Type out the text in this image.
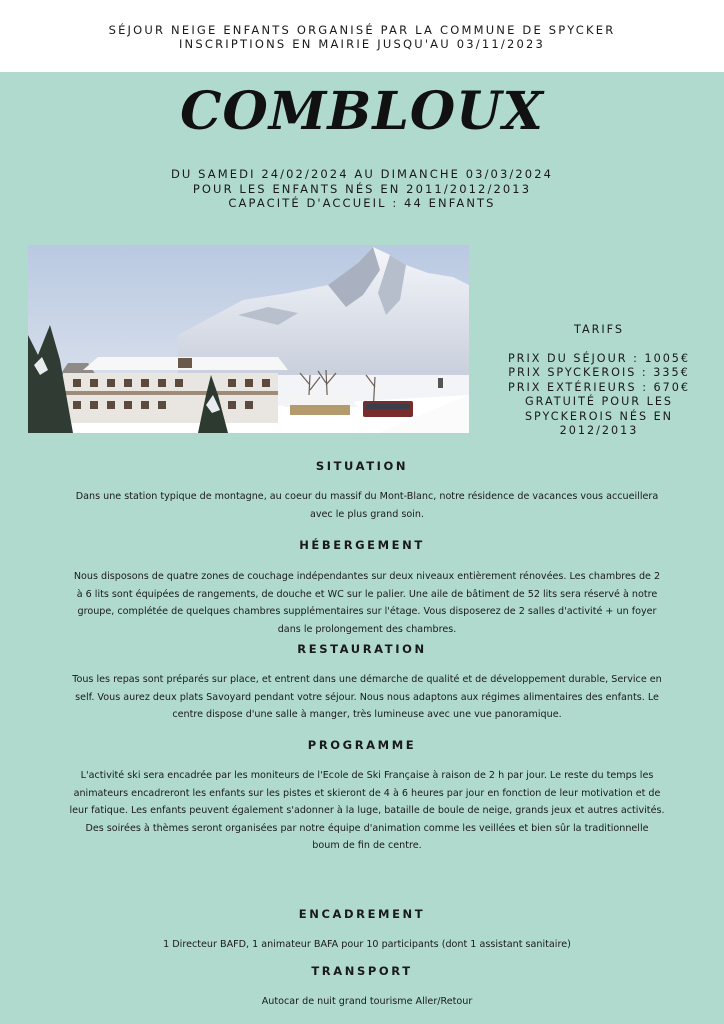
SÉJOUR NEIGE ENFANTS ORGANISÉ PAR LA COMMUNE DE SPYCKER
INSCRIPTIONS EN MAIRIE JUSQU'AU 03/11/2023
COMBLOUX
DU SAMEDI 24/02/2024 AU DIMANCHE 03/03/2024
POUR LES ENFANTS NÉS EN 2011/2012/2013
CAPACITÉ D'ACCUEIL : 44 ENFANTS
TARIFS
PRIX DU SÉJOUR : 1005€
PRIX SPYCKEROIS : 335€
PRIX EXTÉRIEURS : 670€
GRATUITÉ POUR LES
SPYCKEROIS NÉS EN
2012/2013
SITUATION
Dans une station typique de montagne, au coeur du massif du Mont-Blanc, notre résidence de vacances vous accueillera
avec le plus grand soin.
HÉBERGEMENT
Nous disposons de quatre zones de couchage indépendantes sur deux niveaux entièrement rénovées. Les chambres de 2
à 6 lits sont équipées de rangements, de douche et WC sur le palier. Une aile de bâtiment de 52 lits sera réservé à notre
groupe, complétée de quelques chambres supplémentaires sur l'étage. Vous disposerez de 2 salles d'activité + un foyer
dans le prolongement des chambres.
RESTAURATION
Tous les repas sont préparés sur place, et entrent dans une démarche de qualité et de développement durable, Service en
self. Vous aurez deux plats Savoyard pendant votre séjour. Nous nous adaptons aux régimes alimentaires des enfants. Le
centre dispose d'une salle à manger, très lumineuse avec une vue panoramique.
PROGRAMME
L'activité ski sera encadrée par les moniteurs de l'Ecole de Ski Française à raison de 2 h par jour. Le reste du temps les
animateurs encadreront les enfants sur les pistes et skieront de 4 à 6 heures par jour en fonction de leur motivation et de
leur fatique. Les enfants peuvent également s'adonner à la luge, bataille de boule de neige, grands jeux et autres activités.
Des soirées à thèmes seront organisées par notre équipe d'animation comme les veillées et bien sûr la traditionnelle
boum de fin de centre.
ENCADREMENT
1 Directeur BAFD, 1 animateur BAFA pour 10 participants (dont 1 assistant sanitaire)
TRANSPORT
Autocar de nuit grand tourisme Aller/Retour
